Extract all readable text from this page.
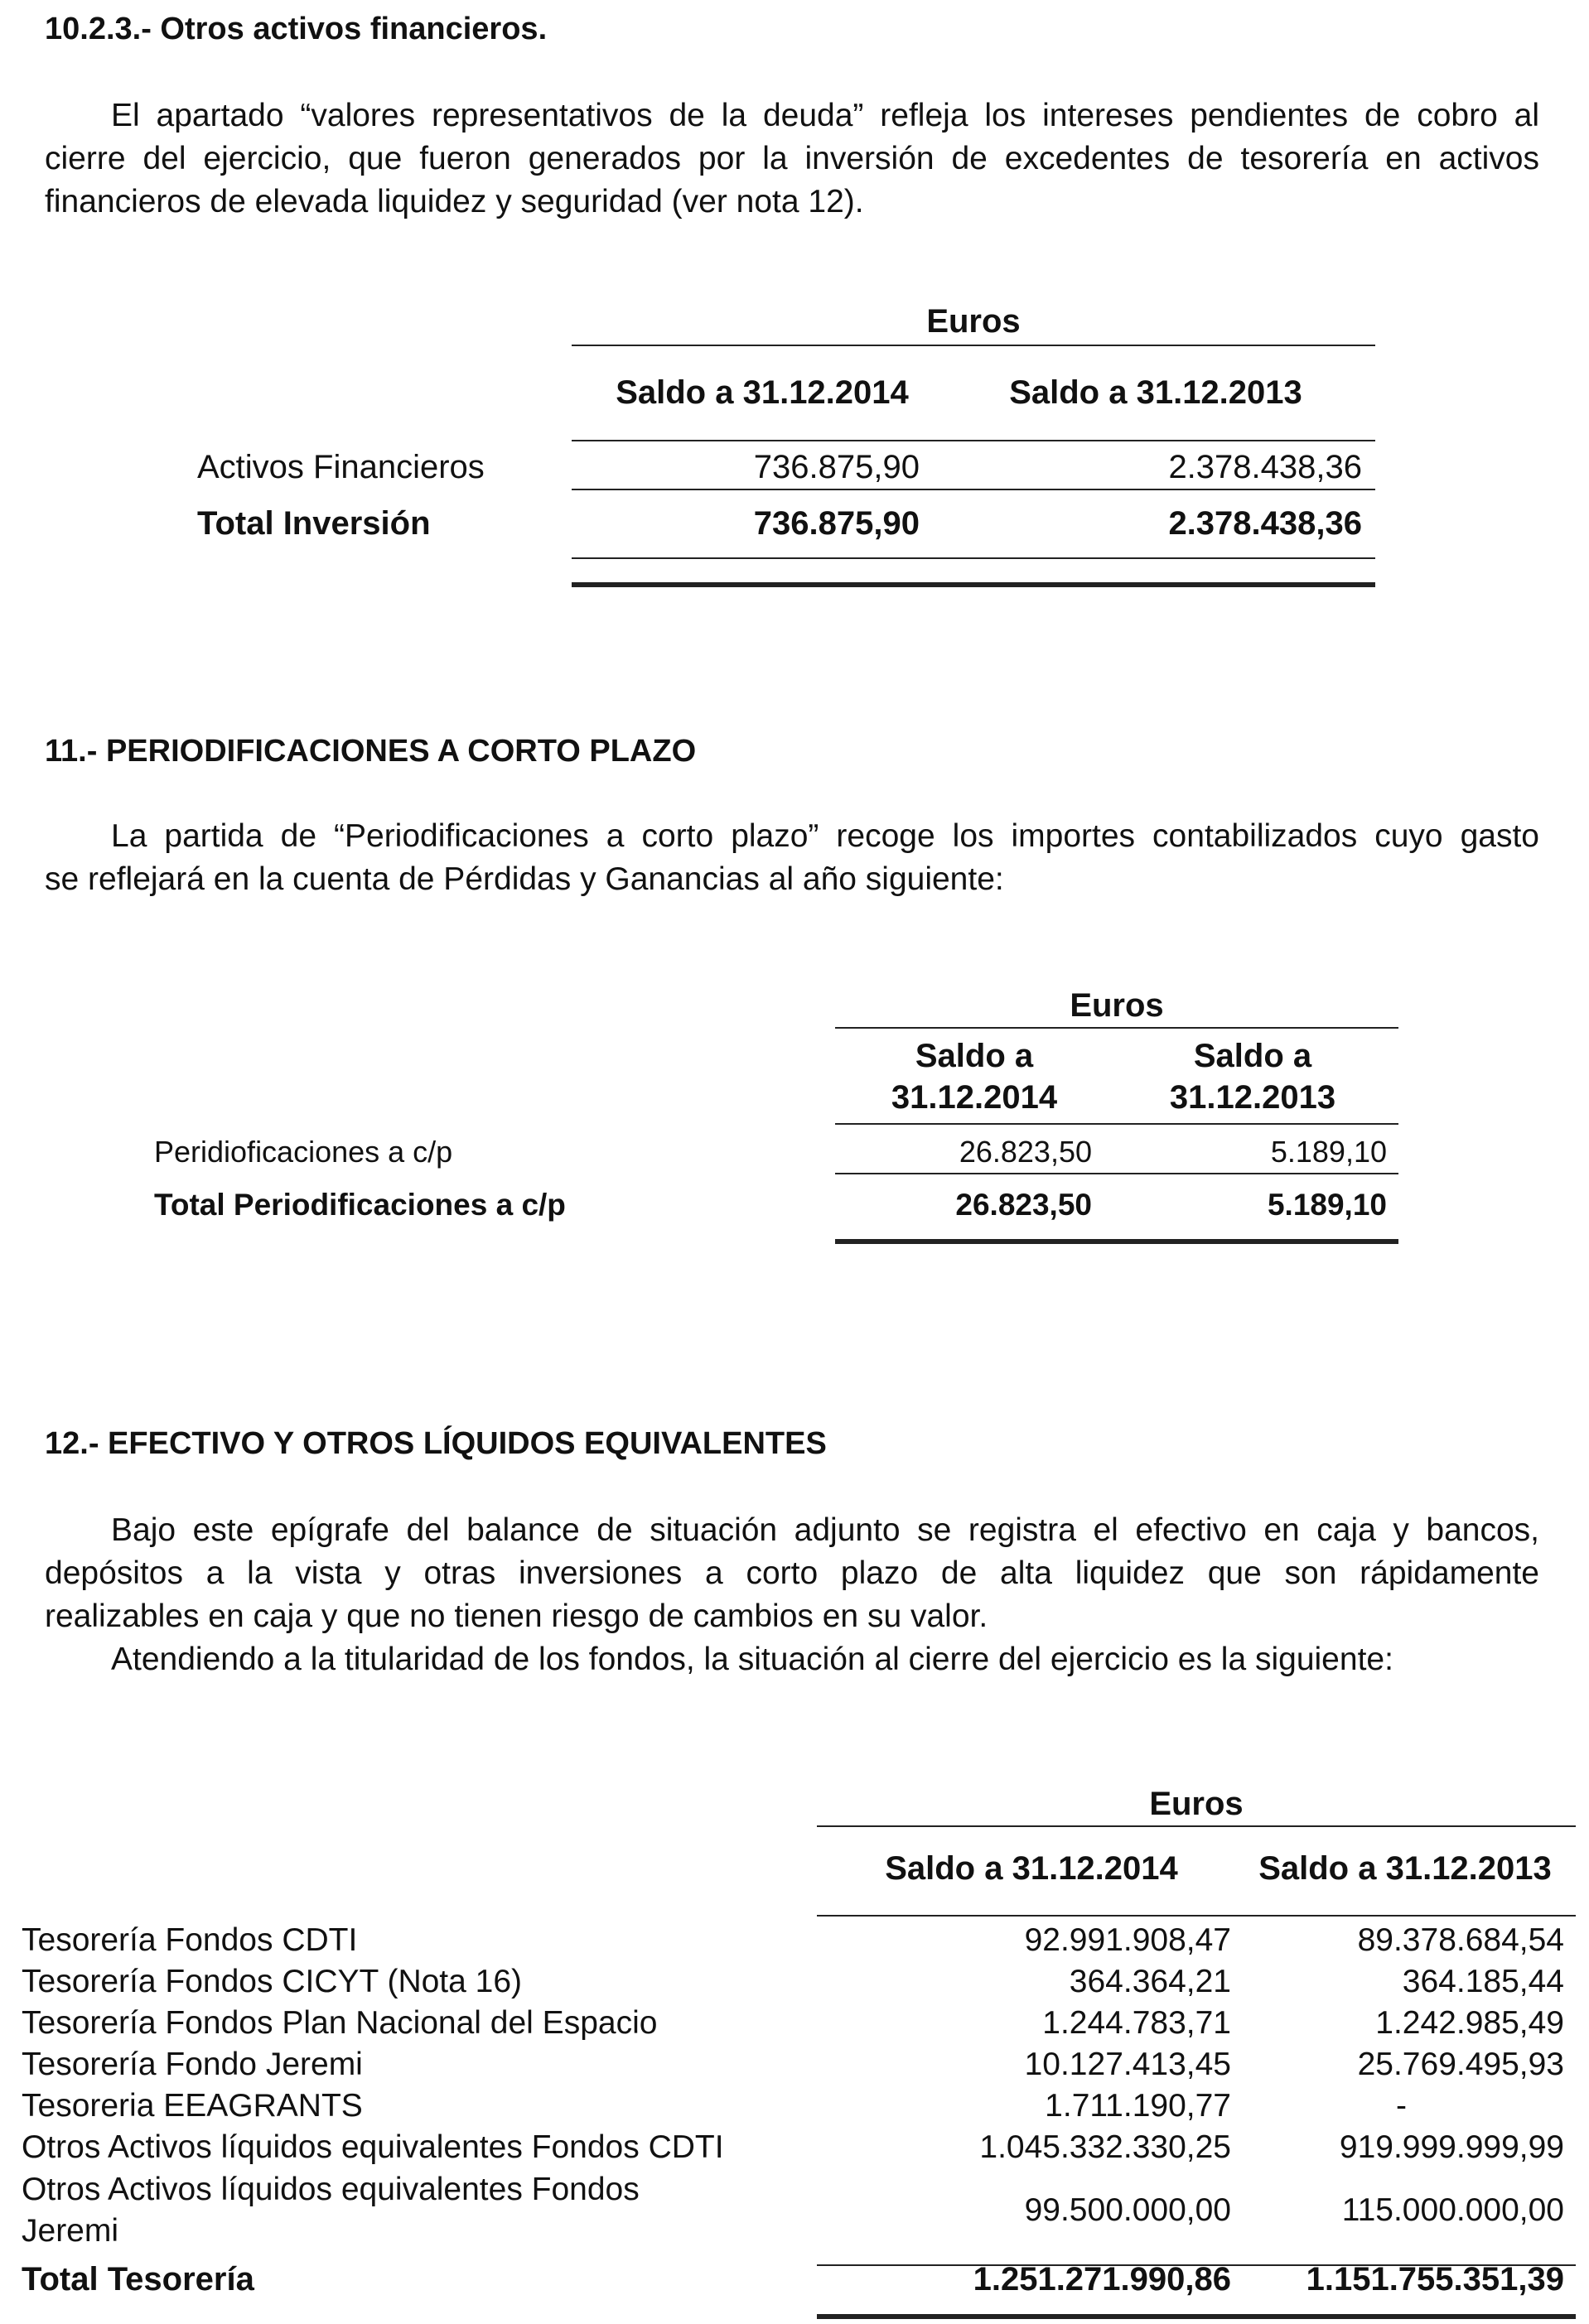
10.2.3.- Otros activos financieros.

El apartado “valores representativos de la deuda” refleja los intereses pendientes de cobro al
cierre del ejercicio, que fueron generados por la inversión de excedentes de tesorería en activos
financieros de elevada liquidez y seguridad (ver nota 12).
Euros
Saldo a 31.12.2014	Saldo a 31.12.2013
Activos Financieros	736.875,90	2.378.438,36
Total Inversión	736.875,90	2.378.438,36

11.- PERIODIFICACIONES A CORTO PLAZO

La partida de “Periodificaciones a corto plazo” recoge los importes contabilizados cuyo gasto
se reflejará en la cuenta de Pérdidas y Ganancias al año siguiente:
Euros
Saldo a
31.12.2014
Saldo a
31.12.2013
Peridioficaciones a c/p	26.823,50	5.189,10
Total Periodificaciones a c/p	26.823,50	5.189,10

12.- EFECTIVO Y OTROS LÍQUIDOS EQUIVALENTES

Bajo este epígrafe del balance de situación adjunto se registra el efectivo en caja y bancos,
depósitos a la vista y otras inversiones a corto plazo de alta liquidez que son rápidamente
realizables en caja y que no tienen riesgo de cambios en su valor.
Atendiendo a la titularidad de los fondos, la situación al cierre del ejercicio es la siguiente:
Euros
Saldo a 31.12.2014	Saldo a 31.12.2013
Tesorería Fondos CDTI	92.991.908,47	89.378.684,54
Tesorería Fondos CICYT (Nota 16)	364.364,21	364.185,44
Tesorería Fondos Plan Nacional del Espacio	1.244.783,71	1.242.985,49
Tesorería Fondo Jeremi	10.127.413,45	25.769.495,93
Tesoreria EEAGRANTS	1.711.190,77	-
Otros Activos líquidos equivalentes Fondos CDTI	1.045.332.330,25	919.999.999,99

Otros Activos líquidos equivalentes Fondos
Jeremi	99.500.000,00	115.000.000,00
Total Tesorería	1.251.271.990,86	1.151.755.351,39
